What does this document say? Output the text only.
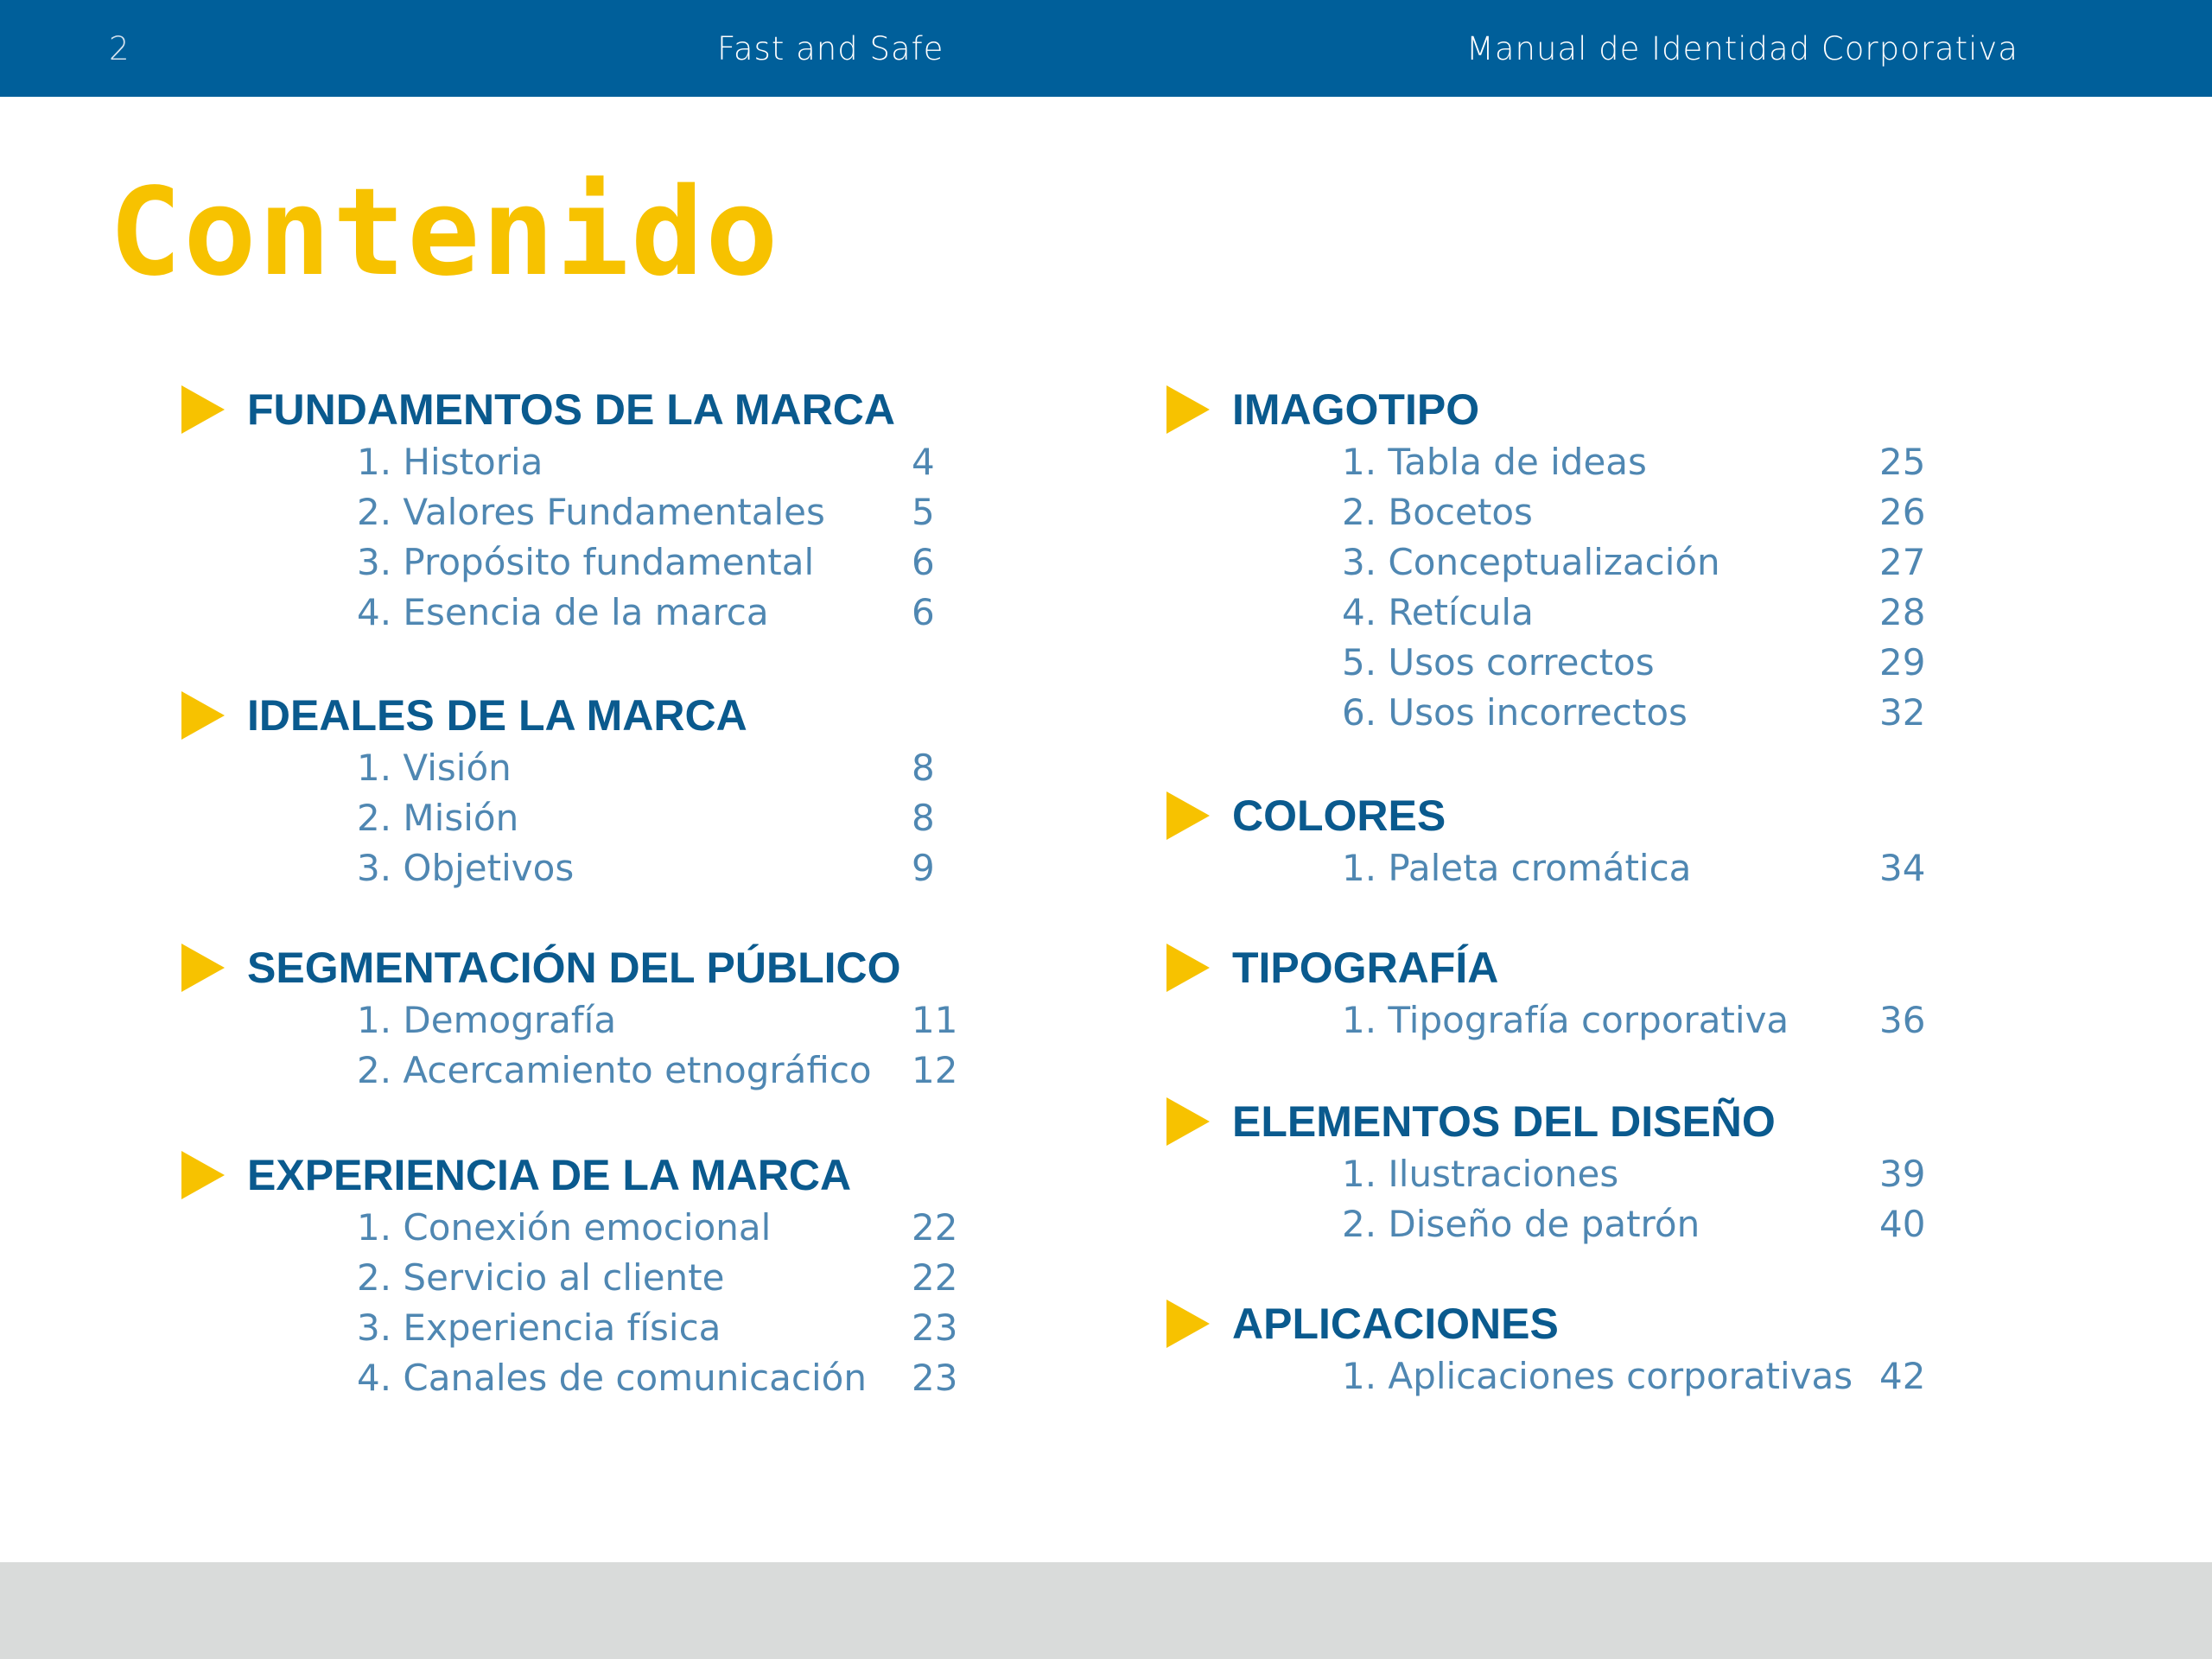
2	Fast and Safe	Manual de Identidad Corporativa
Contenido
FUNDAMENTOS DE LA MARCA
1. Historia	4
2. Valores Fundamentales 5
3. Propósito fundamental	6
4. Esencia de la marca	6
IDEALES DE LA MARCA
1. Visión	8
2. Misión	8
3. Objetivos	9
SEGMENTACIÓN DEL PÚBLICO
1. Demografía	11
2. Acercamiento etnográfico 12
EXPERIENCIA DE LA MARCA
1. Conexión emocional	22
2. Servicio al cliente	22
3. Experiencia física	23
4. Canales de comunicación 23
IMAGOTIPO
1. Tabla de ideas	25
2. Bocetos	26
3. Conceptualización	27
4. Retícula	28
5. Usos correctos	29
6. Usos incorrectos	32
COLORES
1. Paleta cromática	34
TIPOGRAFÍA
1. Tipografía corporativa 36
ELEMENTOS DEL DISEÑO
1. Ilustraciones	39
2. Diseño de patrón	40
APLICACIONES
1. Aplicaciones corporativas 42
